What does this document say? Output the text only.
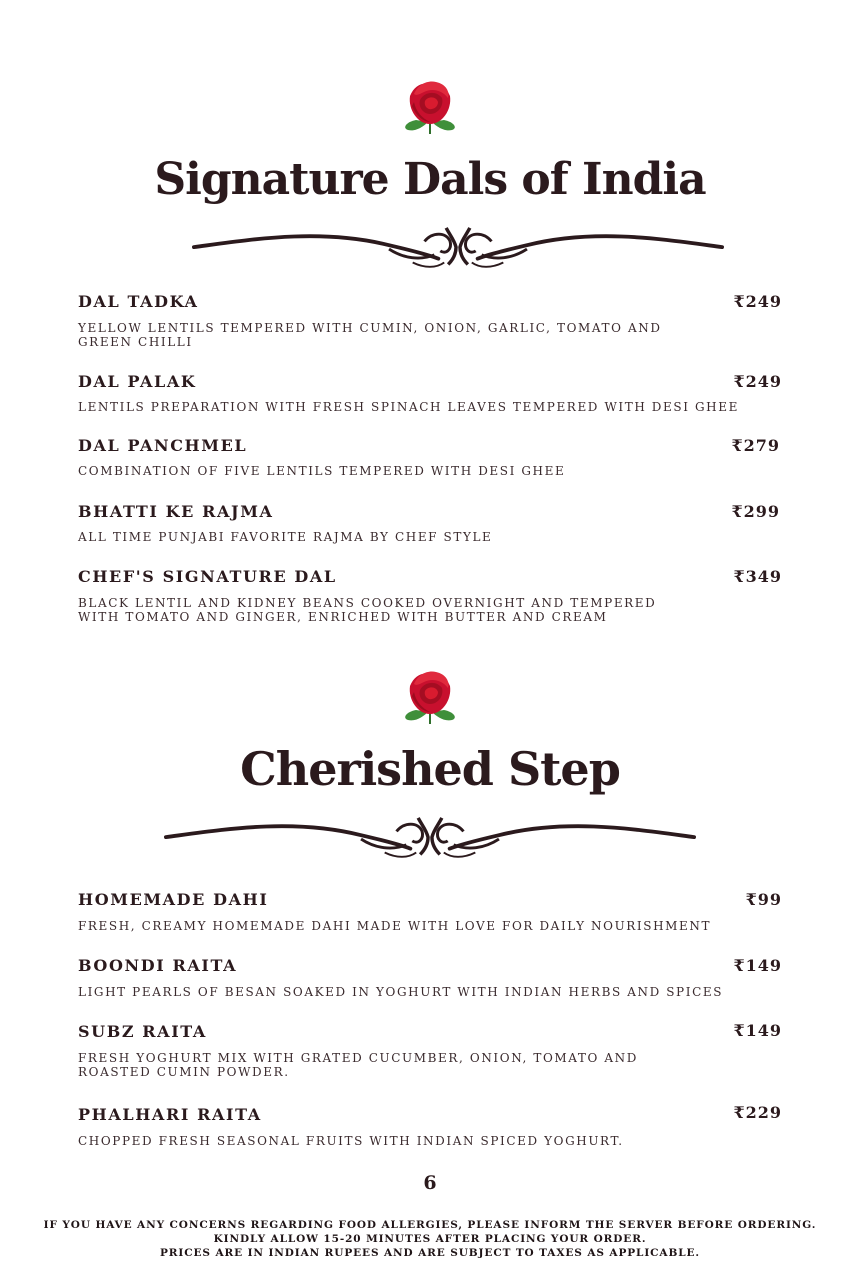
Signature Dals of India
DAL TADKA	₹249
YELLOW LENTILS TEMPERED WITH CUMIN, ONION, GARLIC, TOMATO AND
GREEN CHILLI
DAL PALAK	₹249
LENTILS PREPARATION WITH FRESH SPINACH LEAVES TEMPERED WITH DESI GHEE
DAL PANCHMEL	₹279
COMBINATION OF FIVE LENTILS TEMPERED WITH DESI GHEE
BHATTI KE RAJMA	₹299
ALL TIME PUNJABI FAVORITE RAJMA BY CHEF STYLE
CHEF'S SIGNATURE DAL	₹349
BLACK LENTIL AND KIDNEY BEANS COOKED OVERNIGHT AND TEMPERED
WITH TOMATO AND GINGER, ENRICHED WITH BUTTER AND CREAM
Cherished Step
HOMEMADE DAHI	₹99
FRESH, CREAMY HOMEMADE DAHI MADE WITH LOVE FOR DAILY NOURISHMENT
BOONDI RAITA	₹149
LIGHT PEARLS OF BESAN SOAKED IN YOGHURT WITH INDIAN HERBS AND SPICES
SUBZ RAITA	₹149
FRESH YOGHURT MIX WITH GRATED CUCUMBER, ONION, TOMATO AND
ROASTED CUMIN POWDER.
PHALHARI RAITA	₹229
CHOPPED FRESH SEASONAL FRUITS WITH INDIAN SPICED YOGHURT.
6
IF YOU HAVE ANY CONCERNS REGARDING FOOD ALLERGIES, PLEASE INFORM THE SERVER BEFORE ORDERING.
KINDLY ALLOW 15-20 MINUTES AFTER PLACING YOUR ORDER.
PRICES ARE IN INDIAN RUPEES AND ARE SUBJECT TO TAXES AS APPLICABLE.
